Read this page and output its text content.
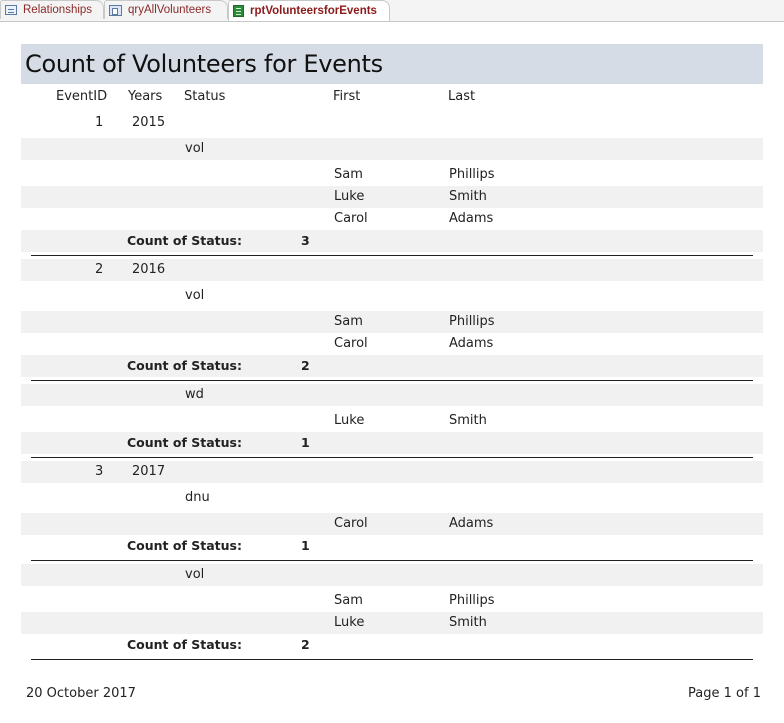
Relationships	qryAllVolunteers	rptVolunteersforEvents
Count of Volunteers for Events
EventID Years Status	First	Last
1 2015
vol
Sam	Phillips
Luke	Smith
Carol	Adams
Count of Status:	3
2 2016
vol
Sam	Phillips
Carol	Adams
Count of Status:	2
wd
Luke	Smith
Count of Status:	1
3 2017
dnu
Carol	Adams
Count of Status:	1
vol
Sam	Phillips
Luke	Smith
Count of Status:	2
20 October 2017	Page 1 of 1
